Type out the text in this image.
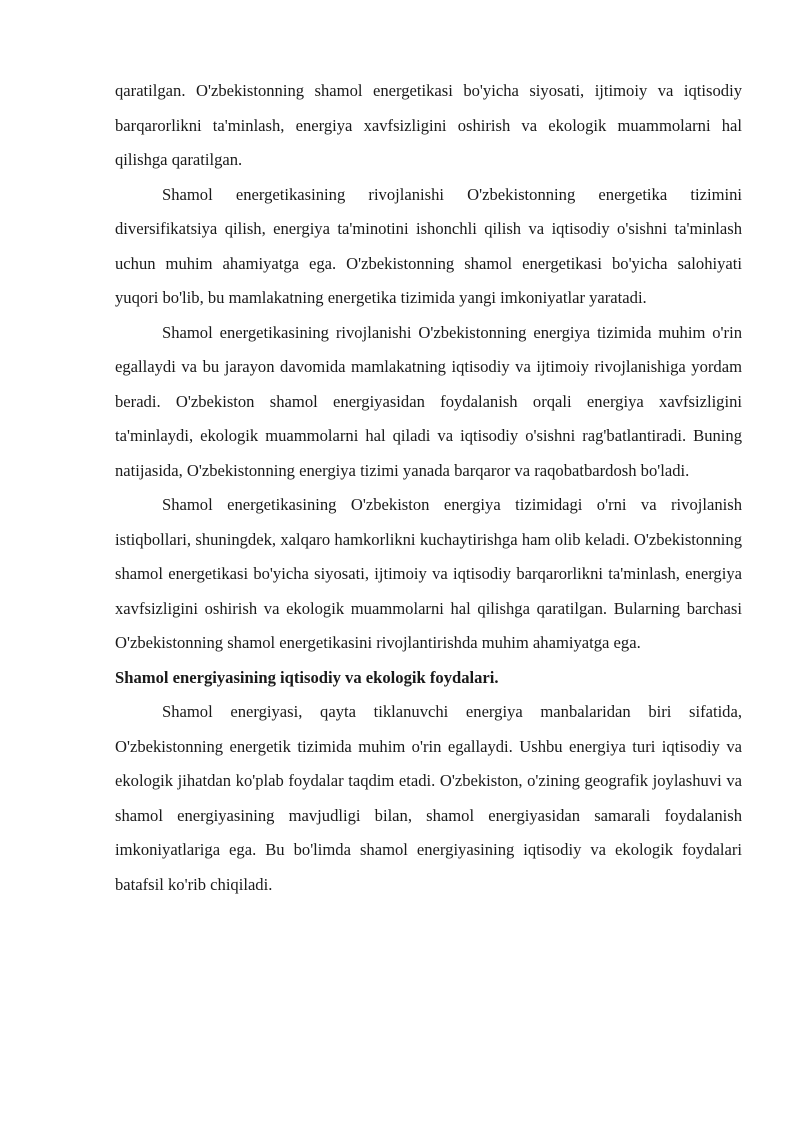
qaratilgan. O'zbekistonning shamol energetikasi bo'yicha siyosati, ijtimoiy va iqtisodiy barqarorlikni ta'minlash, energiya xavfsizligini oshirish va ekologik muammolarni hal qilishga qaratilgan.

Shamol energetikasining rivojlanishi O'zbekistonning energetika tizimini diversifikatsiya qilish, energiya ta'minotini ishonchli qilish va iqtisodiy o'sishni ta'minlash uchun muhim ahamiyatga ega. O'zbekistonning shamol energetikasi bo'yicha salohiyati yuqori bo'lib, bu mamlakatning energetika tizimida yangi imkoniyatlar yaratadi.

Shamol energetikasining rivojlanishi O'zbekistonning energiya tizimida muhim o'rin egallaydi va bu jarayon davomida mamlakatning iqtisodiy va ijtimoiy rivojlanishiga yordam beradi. O'zbekiston shamol energiyasidan foydalanish orqali energiya xavfsizligini ta'minlaydi, ekologik muammolarni hal qiladi va iqtisodiy o'sishni rag'batlantiradi. Buning natijasida, O'zbekistonning energiya tizimi yanada barqaror va raqobatbardosh bo'ladi.

Shamol energetikasining O'zbekiston energiya tizimidagi o'rni va rivojlanish istiqbollari, shuningdek, xalqaro hamkorlikni kuchaytirishga ham olib keladi. O'zbekistonning shamol energetikasi bo'yicha siyosati, ijtimoiy va iqtisodiy barqarorlikni ta'minlash, energiya xavfsizligini oshirish va ekologik muammolarni hal qilishga qaratilgan. Bularning barchasi O'zbekistonning shamol energetikasini rivojlantirishda muhim ahamiyatga ega.

Shamol energiyasining iqtisodiy va ekologik foydalari.

Shamol energiyasi, qayta tiklanuvchi energiya manbalaridan biri sifatida, O'zbekistonning energetik tizimida muhim o'rin egallaydi. Ushbu energiya turi iqtisodiy va ekologik jihatdan ko'plab foydalar taqdim etadi. O'zbekiston, o'zining geografik joylashuvi va shamol energiyasining mavjudligi bilan, shamol energiyasidan samarali foydalanish imkoniyatlariga ega. Bu bo'limda shamol energiyasining iqtisodiy va ekologik foydalari batafsil ko'rib chiqiladi.
